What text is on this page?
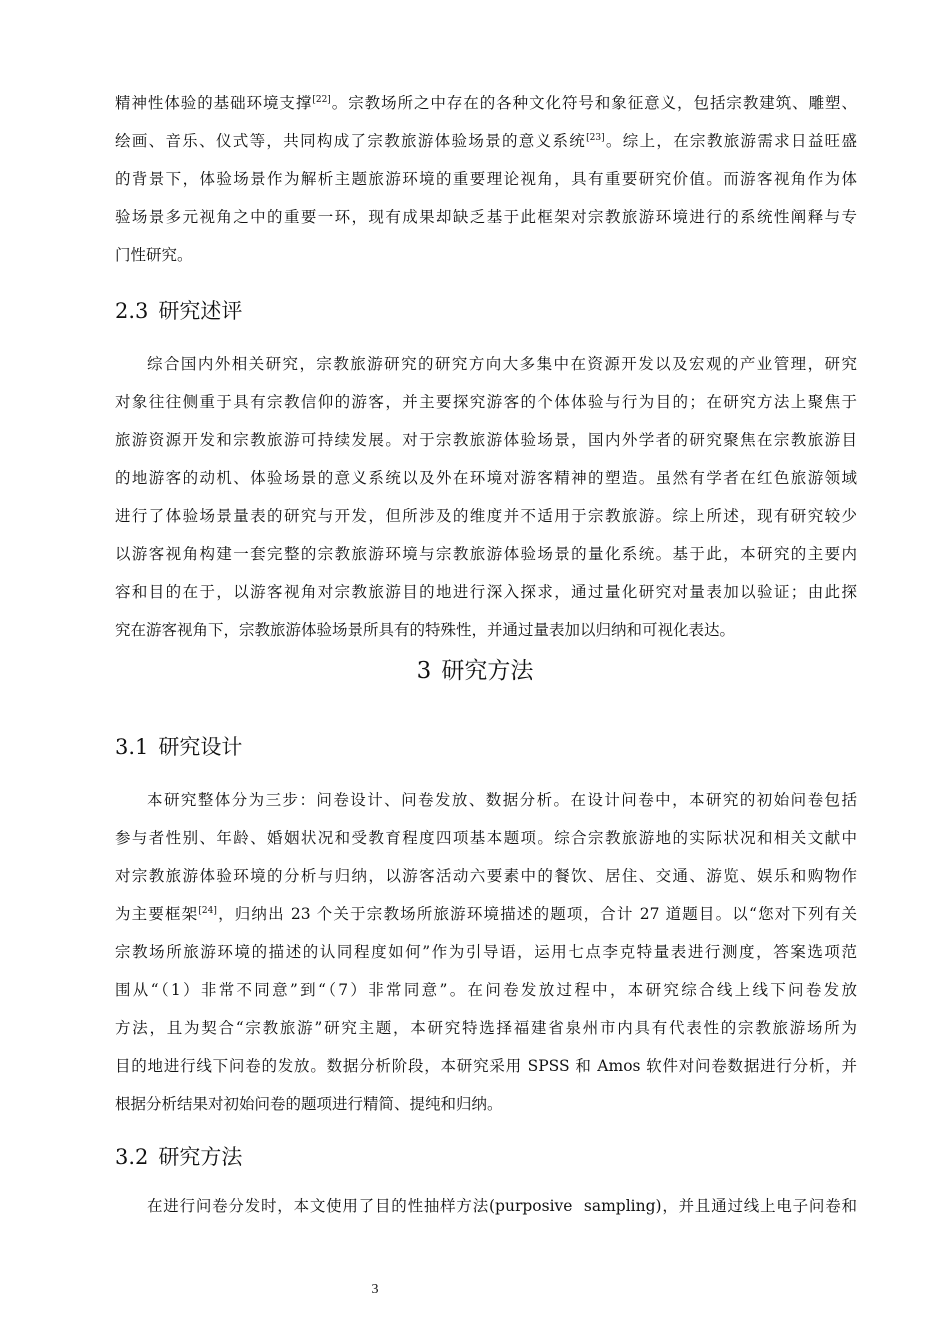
精神性体验的基础环境支撑[22]。宗教场所之中存在的各种文化符号和象征意义，包括宗教建筑、雕塑、
绘画、音乐、仪式等，共同构成了宗教旅游体验场景的意义系统[23]。综上，在宗教旅游需求日益旺盛
的背景下，体验场景作为解析主题旅游环境的重要理论视角，具有重要研究价值。而游客视角作为体
验场景多元视角之中的重要一环，现有成果却缺乏基于此框架对宗教旅游环境进行的系统性阐释与专
门性研究。
2.3 研究述评
综合国内外相关研究，宗教旅游研究的研究方向大多集中在资源开发以及宏观的产业管理，研究
对象往往侧重于具有宗教信仰的游客，并主要探究游客的个体体验与行为目的；在研究方法上聚焦于
旅游资源开发和宗教旅游可持续发展。对于宗教旅游体验场景，国内外学者的研究聚焦在宗教旅游目
的地游客的动机、体验场景的意义系统以及外在环境对游客精神的塑造。虽然有学者在红色旅游领域
进行了体验场景量表的研究与开发，但所涉及的维度并不适用于宗教旅游。综上所述，现有研究较少
以游客视角构建一套完整的宗教旅游环境与宗教旅游体验场景的量化系统。基于此，本研究的主要内
容和目的在于，以游客视角对宗教旅游目的地进行深入探求，通过量化研究对量表加以验证；由此探
究在游客视角下，宗教旅游体验场景所具有的特殊性，并通过量表加以归纳和可视化表达。
3 研究方法
3.1 研究设计
本研究整体分为三步：问卷设计、问卷发放、数据分析。在设计问卷中，本研究的初始问卷包括
参与者性别、年龄、婚姻状况和受教育程度四项基本题项。综合宗教旅游地的实际状况和相关文献中
对宗教旅游体验环境的分析与归纳，以游客活动六要素中的餐饮、居住、交通、游览、娱乐和购物作
为主要框架[24]，归纳出 23 个关于宗教场所旅游环境描述的题项，合计 27 道题目。以“您对下列有关
宗教场所旅游环境的描述的认同程度如何”作为引导语，运用七点李克特量表进行测度，答案选项范
围从“（1）非常不同意”到“（7）非常同意”。在问卷发放过程中，本研究综合线上线下问卷发放
方法，且为契合“宗教旅游”研究主题，本研究特选择福建省泉州市内具有代表性的宗教旅游场所为
目的地进行线下问卷的发放。数据分析阶段，本研究采用 SPSS 和 Amos 软件对问卷数据进行分析，并
根据分析结果对初始问卷的题项进行精简、提纯和归纳。
3.2 研究方法
在进行问卷分发时，本文使用了目的性抽样方法(purposive  sampling)，并且通过线上电子问卷和
3
